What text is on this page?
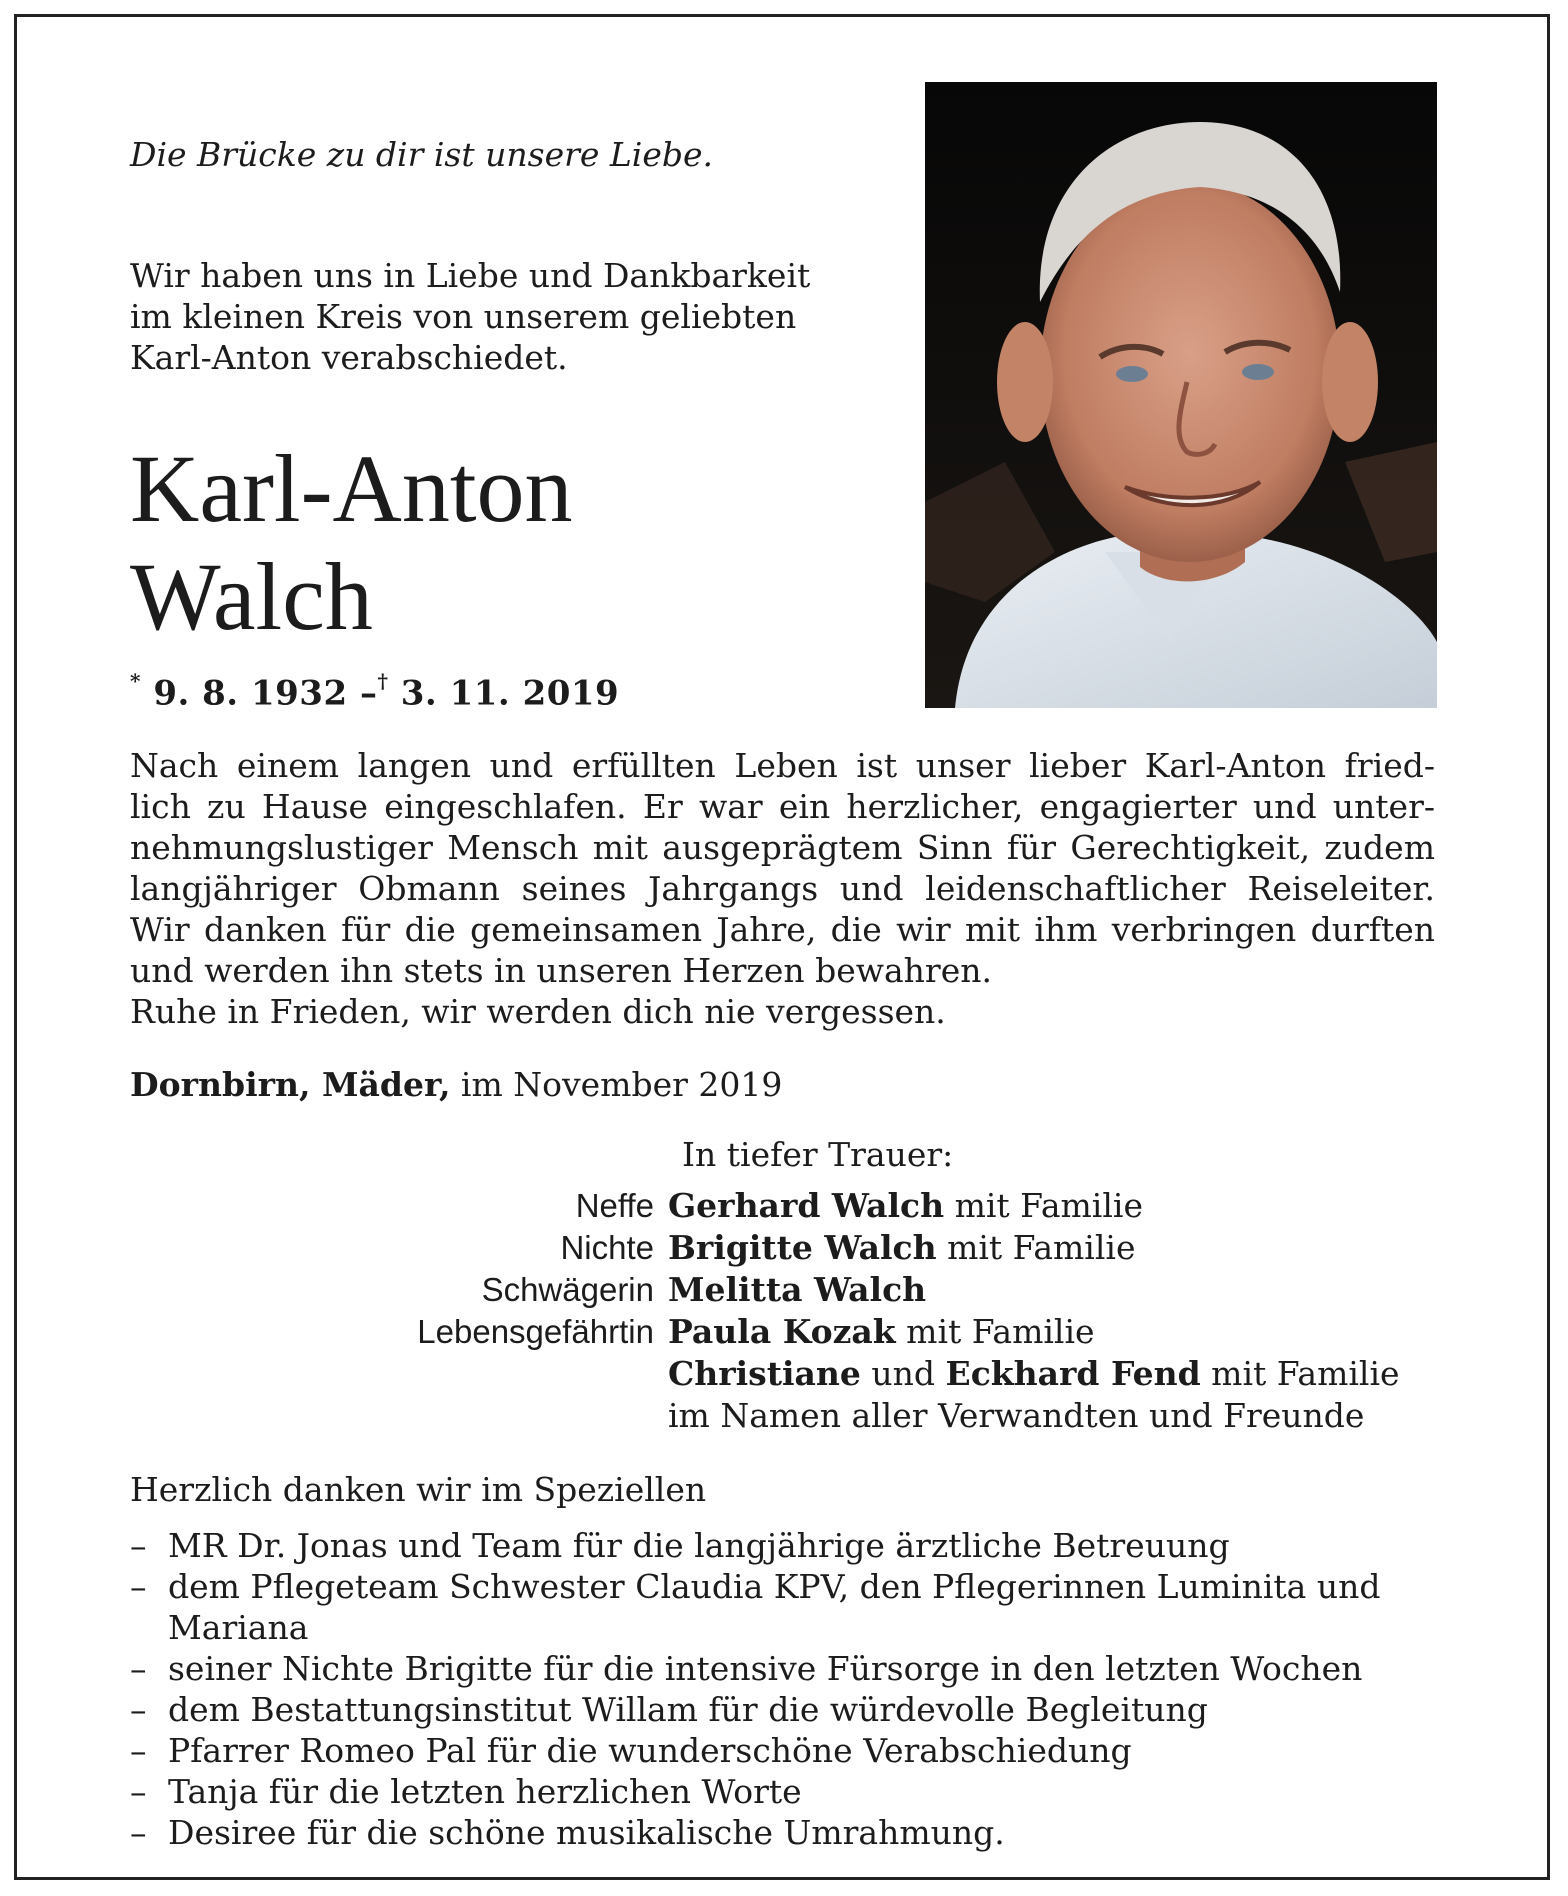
Die Brücke zu dir ist unsere Liebe.

Wir haben uns in Liebe und Dankbarkeit
im kleinen Kreis von unserem geliebten
Karl-Anton verabschiedet.
Karl-Anton
Walch
* 9. 8. 1932 –† 3. 11. 2019
Nach einem langen und erfüllten Leben ist unser lieber Karl-Anton fried-
lich zu Hause eingeschlafen. Er war ein herzlicher, engagierter und unter-
nehmungslustiger Mensch mit ausgeprägtem Sinn für Gerechtigkeit, zudem
langjähriger Obmann seines Jahrgangs und leidenschaftlicher Reiseleiter.
Wir danken für die gemeinsamen Jahre, die wir mit ihm verbringen durften
und werden ihn stets in unseren Herzen bewahren.
Ruhe in Frieden, wir werden dich nie vergessen.

Dornbirn, Mäder, im November 2019

In tiefer Trauer:

Neffe Gerhard Walch mit Familie
Nichte Brigitte Walch mit Familie
Schwägerin Melitta Walch
Lebensgefährtin Paula Kozak mit Familie
Christiane und Eckhard Fend mit Familie
im Namen aller Verwandten und Freunde

Herzlich danken wir im Speziellen

– MR Dr. Jonas und Team für die langjährige ärztliche Betreuung
– dem Pflegeteam Schwester Claudia KPV, den Pflegerinnen Luminita und Mariana
– seiner Nichte Brigitte für die intensive Fürsorge in den letzten Wochen
– dem Bestattungsinstitut Willam für die würdevolle Begleitung
– Pfarrer Romeo Pal für die wunderschöne Verabschiedung
– Tanja für die letzten herzlichen Worte
– Desiree für die schöne musikalische Umrahmung.
